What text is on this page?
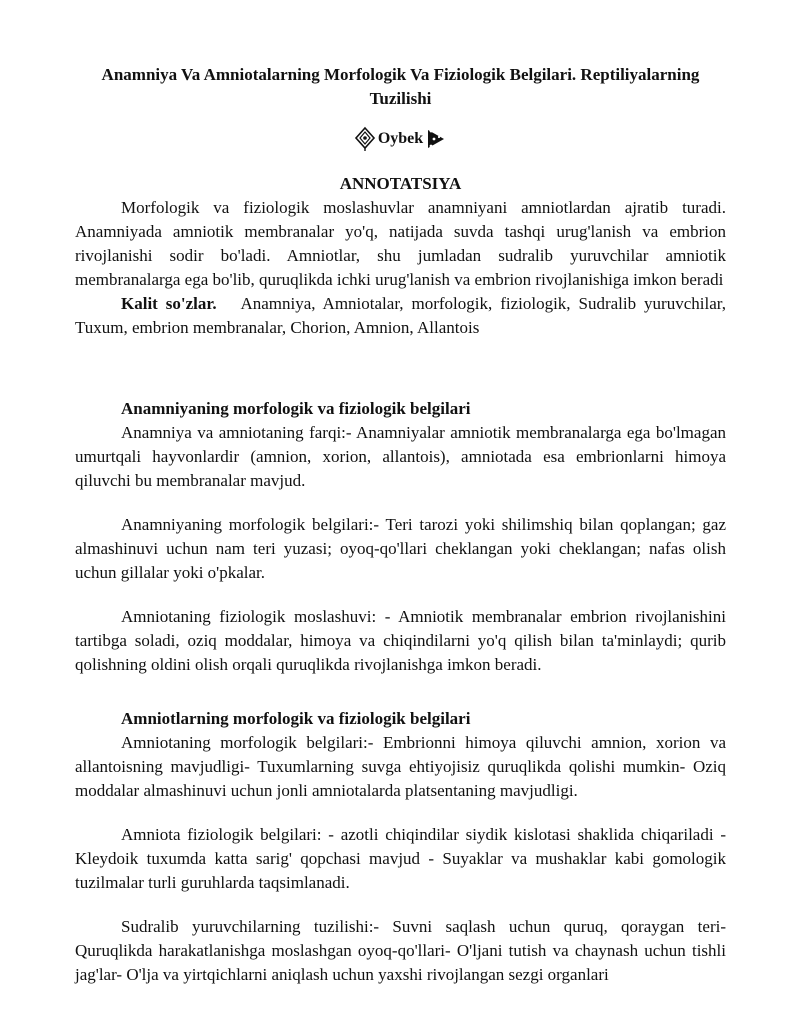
Anamniya Va Amniotalarning Morfologik Va Fiziologik Belgilari. Reptiliyalarning Tuzilishi
Oybek
ANNOTATSIYA

Morfologik va fiziologik moslashuvlar anamniyani amniotlardan ajratib turadi. Anamniyada amniotik membranalar yo'q, natijada suvda tashqi urug'lanish va embrion rivojlanishi sodir bo'ladi. Amniotlar, shu jumladan sudralib yuruvchilar amniotik membranalarga ega bo'lib, quruqlikda ichki urug'lanish va embrion rivojlanishiga imkon beradi

Kalit so'zlar. Anamniya, Amniotalar, morfologik, fiziologik, Sudralib yuruvchilar, Tuxum, embrion membranalar, Chorion, Amnion, Allantois

Anamniyaning morfologik va fiziologik belgilari

Anamniya va amniotaning farqi:- Anamniyalar amniotik membranalarga ega bo'lmagan umurtqali hayvonlardir (amnion, xorion, allantois), amniotada esa embrionlarni himoya qiluvchi bu membranalar mavjud.

Anamniyaning morfologik belgilari:- Teri tarozi yoki shilimshiq bilan qoplangan; gaz almashinuvi uchun nam teri yuzasi; oyoq-qo'llari cheklangan yoki cheklangan; nafas olish uchun gillalar yoki o'pkalar.

Amniotaning fiziologik moslashuvi: - Amniotik membranalar embrion rivojlanishini tartibga soladi, oziq moddalar, himoya va chiqindilarni yo'q qilish bilan ta'minlaydi; qurib qolishning oldini olish orqali quruqlikda rivojlanishga imkon beradi.

Amniotlarning morfologik va fiziologik belgilari

Amniotaning morfologik belgilari:- Embrionni himoya qiluvchi amnion, xorion va allantoisning mavjudligi- Tuxumlarning suvga ehtiyojisiz quruqlikda qolishi mumkin- Oziq moddalar almashinuvi uchun jonli amniotalarda platsentaning mavjudligi.

Amniota fiziologik belgilari: - azotli chiqindilar siydik kislotasi shaklida chiqariladi - Kleydoik tuxumda katta sarig' qopchasi mavjud - Suyaklar va mushaklar kabi gomologik tuzilmalar turli guruhlarda taqsimlanadi.

Sudralib yuruvchilarning tuzilishi:- Suvni saqlash uchun quruq, qoraygan teri- Quruqlikda harakatlanishga moslashgan oyoq-qo'llari- O'ljani tutish va chaynash uchun tishli jag'lar- O'lja va yirtqichlarni aniqlash uchun yaxshi rivojlangan sezgi organlari
